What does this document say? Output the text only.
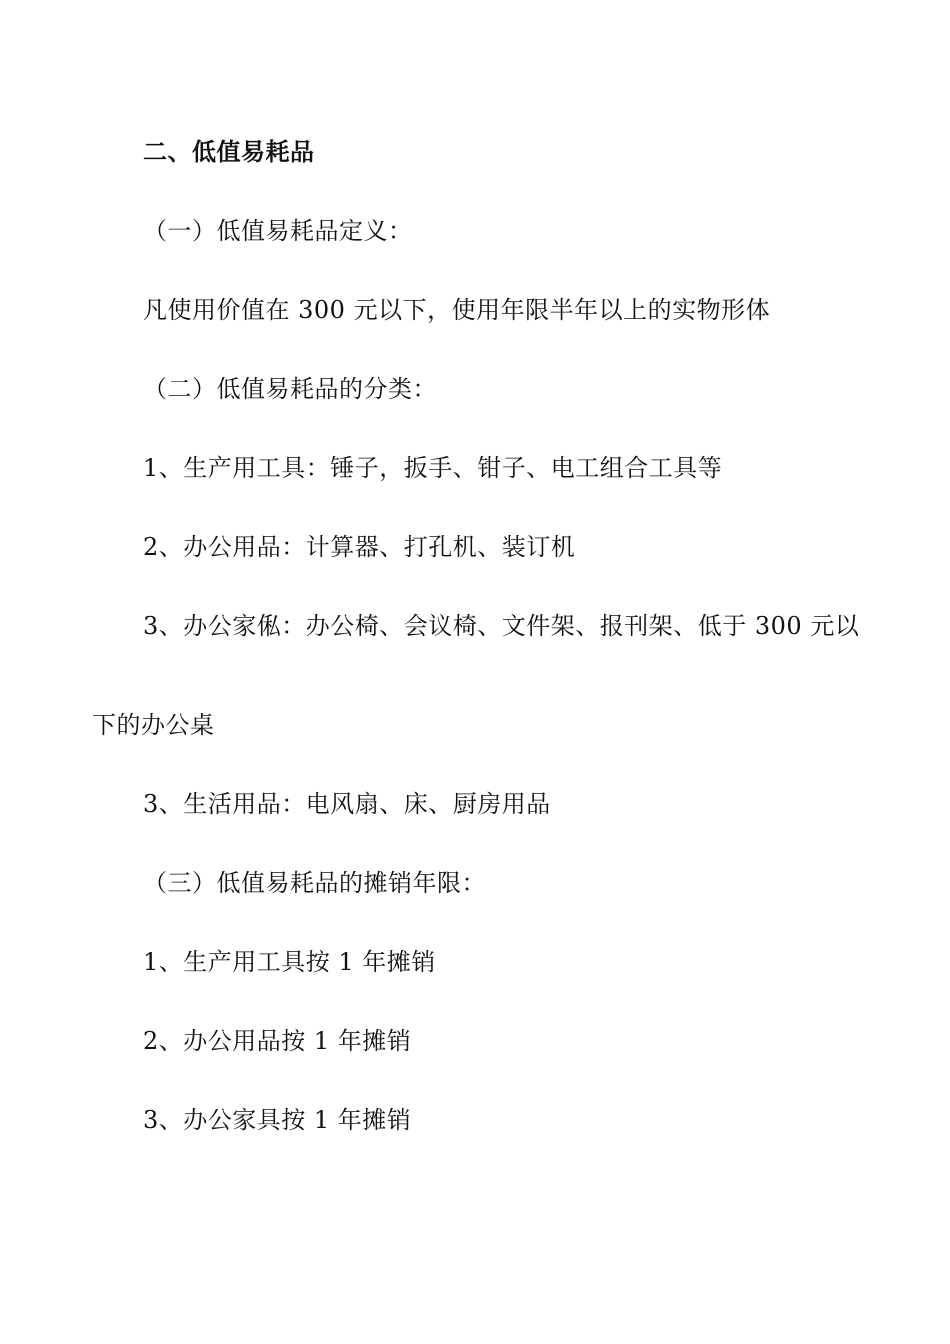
二、低值易耗品
（一）低值易耗品定义：
凡使用价值在 300 元以下，使用年限半年以上的实物形体
（二）低值易耗品的分类：
1、生产用工具：锤子，扳手、钳子、电工组合工具等
2、办公用品：计算器、打孔机、装订机
3、办公家俬：办公椅、会议椅、文件架、报刊架、低于 300 元以
下的办公桌
3、生活用品：电风扇、床、厨房用品
（三）低值易耗品的摊销年限：
1、生产用工具按 1 年摊销
2、办公用品按 1 年摊销
3、办公家具按 1 年摊销
